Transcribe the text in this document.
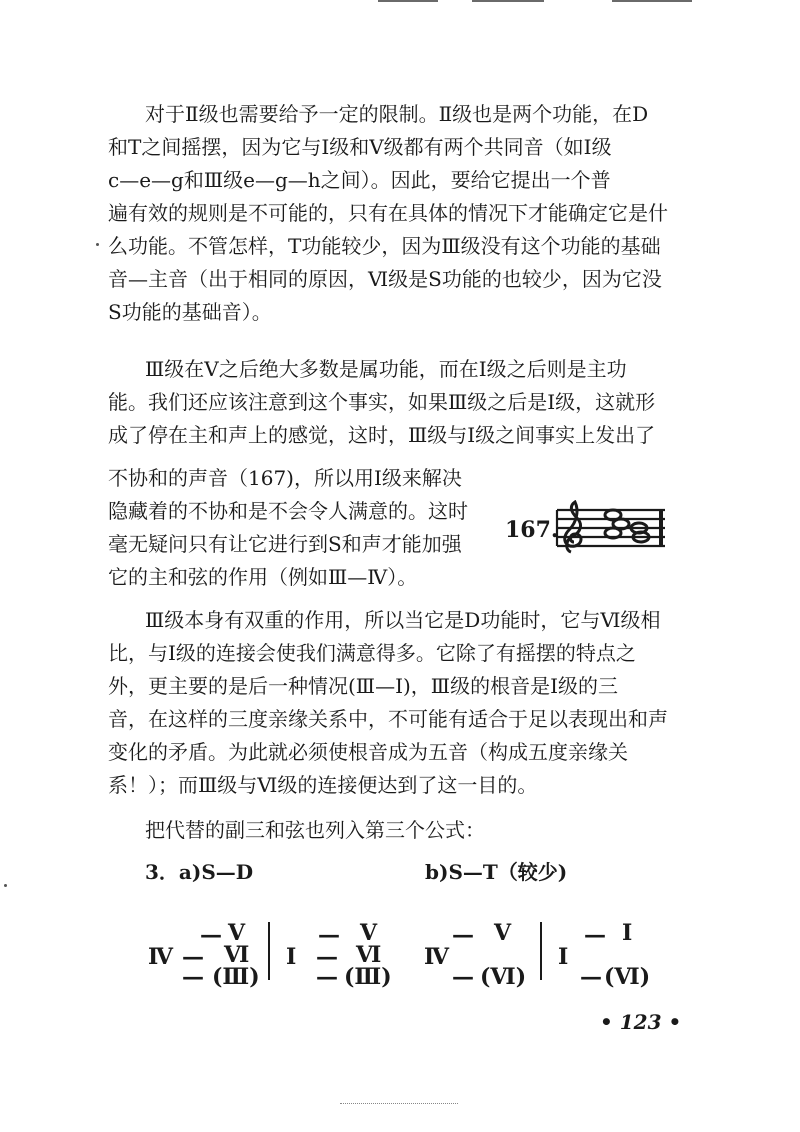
对于Ⅱ级也需要给予一定的限制。Ⅱ级也是两个功能，在D
和T之间摇摆，因为它与Ⅰ级和Ⅴ级都有两个共同音（如Ⅰ级
c—e—g和Ⅲ级e—g—h之间）。因此，要给它提出一个普
遍有效的规则是不可能的，只有在具体的情况下才能确定它是什
么功能。不管怎样，T功能较少，因为Ⅲ级没有这个功能的基础
音—主音（出于相同的原因，Ⅵ级是S功能的也较少，因为它没
S功能的基础音）。

Ⅲ级在Ⅴ之后绝大多数是属功能，而在Ⅰ级之后则是主功
能。我们还应该注意到这个事实，如果Ⅲ级之后是Ⅰ级，这就形
成了停在主和声上的感觉，这时，Ⅲ级与Ⅰ级之间事实上发出了

不协和的声音（167)，所以用Ⅰ级来解决
隐藏着的不协和是不会令人满意的。这时
毫无疑问只有让它进行到S和声才能加强
它的主和弦的作用（例如Ⅲ—Ⅳ）。

167.

Ⅲ级本身有双重的作用，所以当它是D功能时，它与Ⅵ级相
比，与Ⅰ级的连接会使我们满意得多。它除了有摇摆的特点之
外，更主要的是后一种情况(Ⅲ—Ⅰ)，Ⅲ级的根音是Ⅰ级的三
音，在这样的三度亲缘关系中，不可能有适合于足以表现出和声
变化的矛盾。为此就必须使根音成为五音（构成五度亲缘关
系！）；而Ⅲ级与Ⅵ级的连接便达到了这一目的。

把代替的副三和弦也列入第三个公式：

3．a)S—D	b)S—T（较少)
— Ⅴ
Ⅳ — Ⅵ
— (Ⅲ)
— Ⅴ
Ⅰ — Ⅵ
— (Ⅲ)
— Ⅴ
Ⅳ
— (Ⅵ)
— Ⅰ
Ⅰ
— (Ⅵ)
• 123 •
